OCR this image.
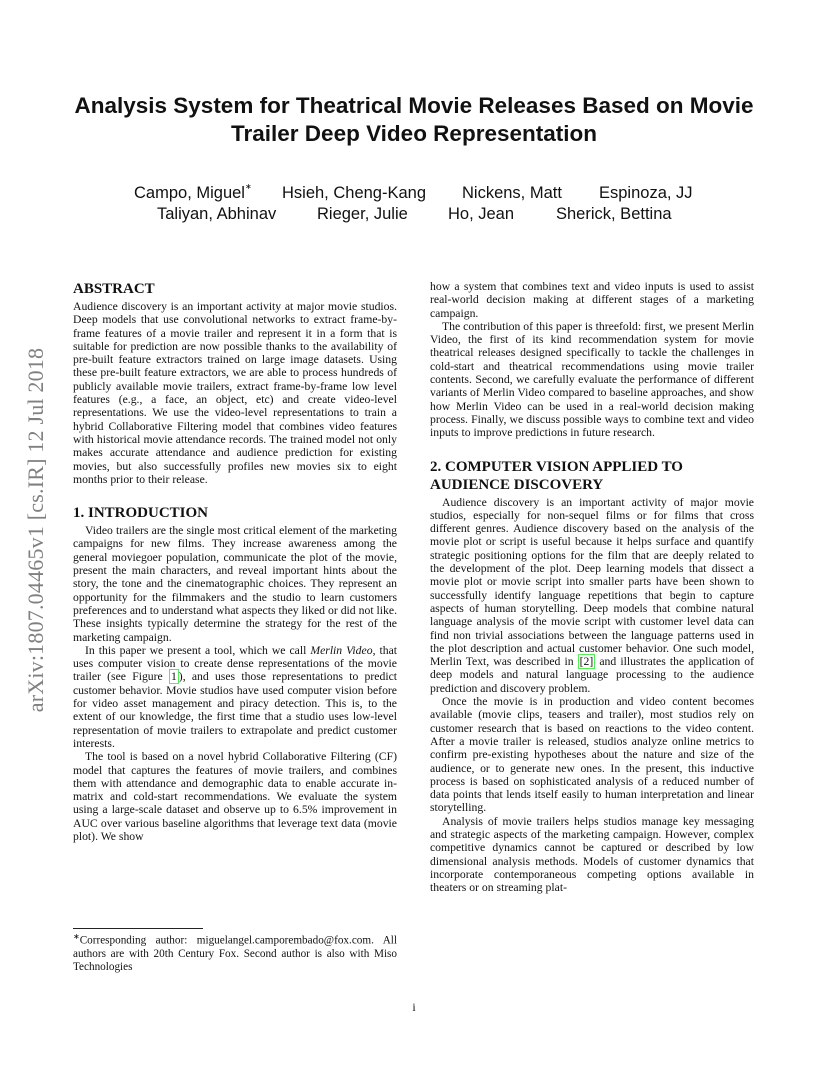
Analysis System for Theatrical Movie Releases Based on Movie Trailer Deep Video Representation
Campo, Miguel∗ Hsieh, Cheng-Kang Nickens, Matt Espinoza, JJ
Taliyan, Abhinav Rieger, Julie Ho, Jean	Sherick, Bettina
arXiv:1807.04465v1 [cs.IR] 12 Jul 2018
ABSTRACT

Audience discovery is an important activity at major movie studios. Deep models that use convolutional networks to extract frame-by-frame features of a movie trailer and represent it in a form that is suitable for prediction are now possible thanks to the availability of pre-built feature extractors trained on large image datasets. Using these pre-built feature extractors, we are able to process hundreds of publicly available movie trailers, extract frame-by-frame low level features (e.g., a face, an object, etc) and create video-level representations. We use the video-level representations to train a hybrid Collaborative Filtering model that combines video features with historical movie attendance records. The trained model not only makes accurate attendance and audience prediction for existing movies, but also successfully profiles new movies six to eight months prior to their release.

1. INTRODUCTION

Video trailers are the single most critical element of the marketing campaigns for new films. They increase awareness among the general moviegoer population, communicate the plot of the movie, present the main characters, and reveal important hints about the story, the tone and the cinematographic choices. They represent an opportunity for the filmmakers and the studio to learn customers preferences and to understand what aspects they liked or did not like. These insights typically determine the strategy for the rest of the marketing campaign.

In this paper we present a tool, which we call Merlin Video, that uses computer vision to create dense representations of the movie trailer (see Figure 1 ), and uses those representations to predict customer behavior. Movie studios have used computer vision before for video asset management and piracy detection. This is, to the extent of our knowledge, the first time that a studio uses low-level representation of movie trailers to extrapolate and predict customer interests.

The tool is based on a novel hybrid Collaborative Filtering (CF) model that captures the features of movie trailers, and combines them with attendance and demographic data to enable accurate in-matrix and cold-start recommendations. We evaluate the system using a large-scale dataset and observe up to 6.5% improvement in AUC over various baseline algorithms that leverage text data (movie plot). We show

∗Corresponding author: miguelangel.camporembado@fox.com. All authors are with 20th Century Fox. Second author is also with Miso Technologies

how a system that combines text and video inputs is used to assist real-world decision making at different stages of a marketing campaign.

The contribution of this paper is threefold: first, we present Merlin Video, the first of its kind recommendation system for movie theatrical releases designed specifically to tackle the challenges in cold-start and theatrical recommendations using movie trailer contents. Second, we carefully evaluate the performance of different variants of Merlin Video compared to baseline approaches, and show how Merlin Video can be used in a real-world decision making process. Finally, we discuss possible ways to combine text and video inputs to improve predictions in future research.

2. COMPUTER VISION APPLIED TO AUDIENCE DISCOVERY

Audience discovery is an important activity of major movie studios, especially for non-sequel films or for films that cross different genres. Audience discovery based on the analysis of the movie plot or script is useful because it helps surface and quantify strategic positioning options for the film that are deeply related to the development of the plot. Deep learning models that dissect a movie plot or movie script into smaller parts have been shown to successfully identify language repetitions that begin to capture aspects of human storytelling. Deep models that combine natural language analysis of the movie script with customer level data can find non trivial associations between the language patterns used in the plot description and actual customer behavior. One such model, Merlin Text, was described in [2] and illustrates the application of deep models and natural language processing to the audience prediction and discovery problem.

Once the movie is in production and video content becomes available (movie clips, teasers and trailer), most studios rely on customer research that is based on reactions to the video content. After a movie trailer is released, studios analyze online metrics to confirm pre-existing hypotheses about the nature and size of the audience, or to generate new ones. In the present, this inductive process is based on sophisticated analysis of a reduced number of data points that lends itself easily to human interpretation and linear storytelling.

Analysis of movie trailers helps studios manage key messaging and strategic aspects of the marketing campaign. However, complex competitive dynamics cannot be captured or described by low dimensional analysis methods. Models of customer dynamics that incorporate contemporaneous competing options available in theaters or on streaming plat-

i
